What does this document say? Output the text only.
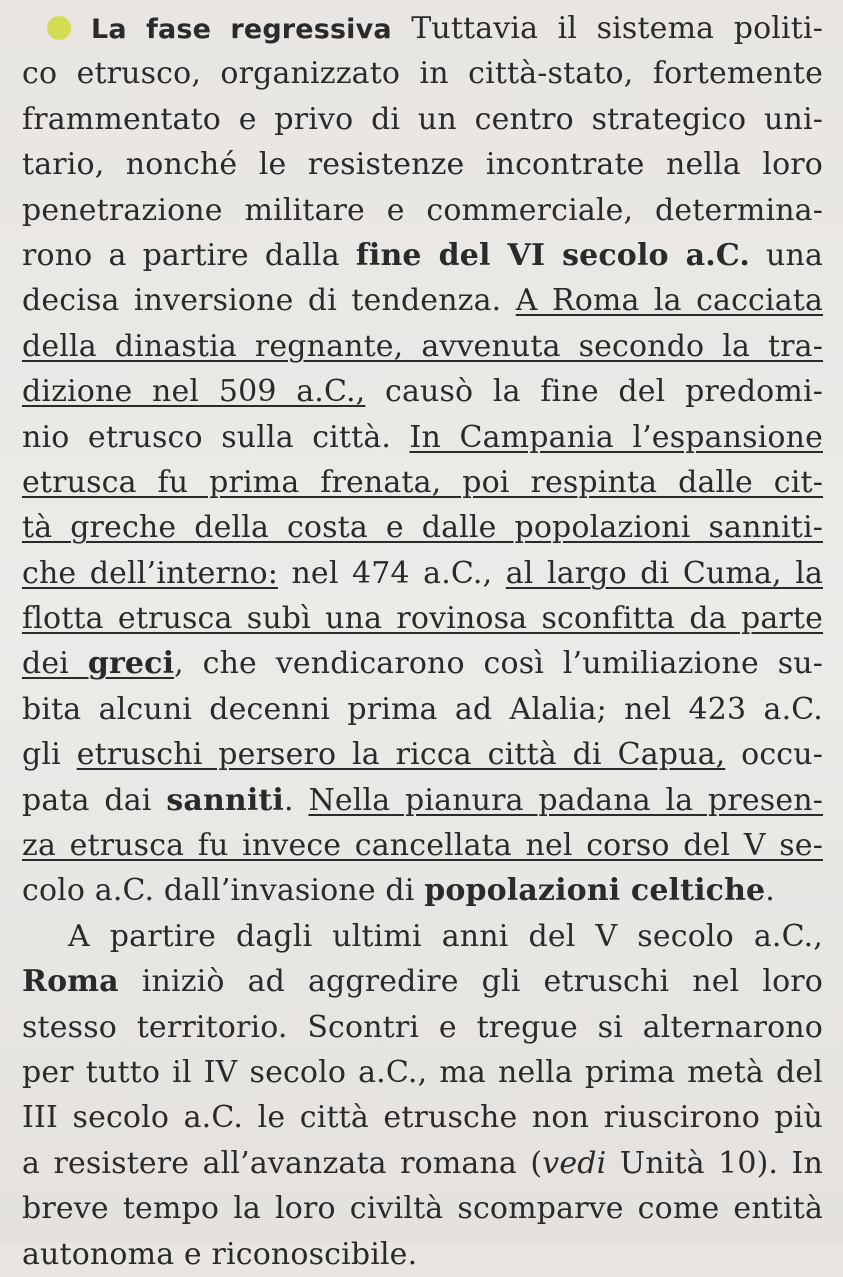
La fase regressiva Tuttavia il sistema politi-
co etrusco, organizzato in città-stato, fortemente
frammentato e privo di un centro strategico uni-
tario, nonché le resistenze incontrate nella loro
penetrazione militare e commerciale, determina-
rono a partire dalla fine del VI secolo a.C. una
decisa inversione di tendenza. A Roma la cacciata
della dinastia regnante, avvenuta secondo la tra-
dizione nel 509 a.C., causò la fine del predomi-
nio etrusco sulla città. In Campania l’espansione
etrusca fu prima frenata, poi respinta dalle cit-
tà greche della costa e dalle popolazioni sanniti-
che dell’interno: nel 474 a.C., al largo di Cuma, la
flotta etrusca subì una rovinosa sconfitta da parte
dei greci, che vendicarono così l’umiliazione su-
bita alcuni decenni prima ad Alalia; nel 423 a.C.
gli etruschi persero la ricca città di Capua, occu-
pata dai sanniti. Nella pianura padana la presen-
za etrusca fu invece cancellata nel corso del V se-
colo a.C. dall’invasione di popolazioni celtiche.
A partire dagli ultimi anni del V secolo a.C.,
Roma iniziò ad aggredire gli etruschi nel loro
stesso territorio. Scontri e tregue si alternarono
per tutto il IV secolo a.C., ma nella prima metà del
III secolo a.C. le città etrusche non riuscirono più
a resistere all’avanzata romana (vedi Unità 10). In
breve tempo la loro civiltà scomparve come entità
autonoma e riconoscibile.
